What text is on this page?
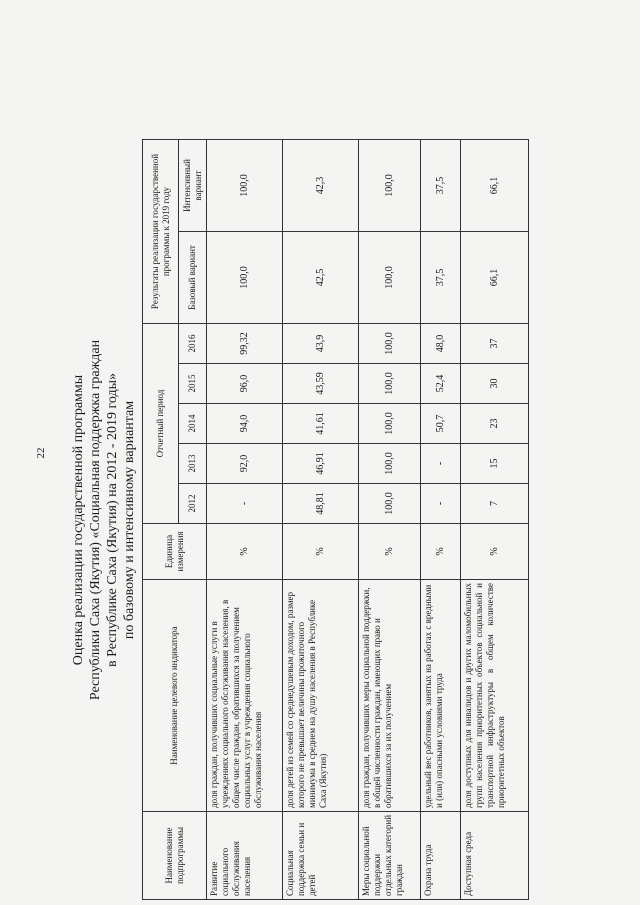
22 Оценка реализации государственной программы Республики Саха (Якутия) «Социальная поддержка граждан в Республике Саха (Якутия) на 2012 - 2019 годы» по базовому и интенсивному вариантам
Наименование подпрограммы	Наименование целевого индикатора	Единица измерения	Отчетный период					Результаты реализации государственной программы к 2019 году	
			2012	2013	2014	2015	2016	Базовый вариант	Интенсивный вариант

Развитие социального обслуживания населения	доля граждан, получивших социальные услуги в учреждениях социального обслуживания населения, в общем числе граждан, обратившихся за получением социальных услуг в учреждения социального обслуживания населения	%	-	92,0	94,0	96,0	99,32	100,0	100,0
Социальная поддержка семьи и детей	доля детей из семей со среднедушевым доходом, размер которого не превышает величины прожиточного минимума в среднем на душу населения в Республике Саха (Якутия)	%	48,81	46,91	41,61	43,59	43,9	42,5	42,3
Меры социальной поддержки отдельных категорий граждан	доля граждан, получивших меры социальной поддержки, в общей численности граждан, имеющих право и обратившихся за их получением	%	100,0	100,0	100,0	100,0	100,0	100,0	100,0
Охрана труда	удельный вес работников, занятых на работах с вредными и (или) опасными условиями труда	%	-	-	50,7	52,4	48,0	37,5	37,5
Доступная среда	доля доступных для инвалидов и других маломобильных групп населения приоритетных объектов социальной и транспортной инфраструктуры в общем количестве приоритетных объектов	%	7	15	23	30	37	66,1	66,1
